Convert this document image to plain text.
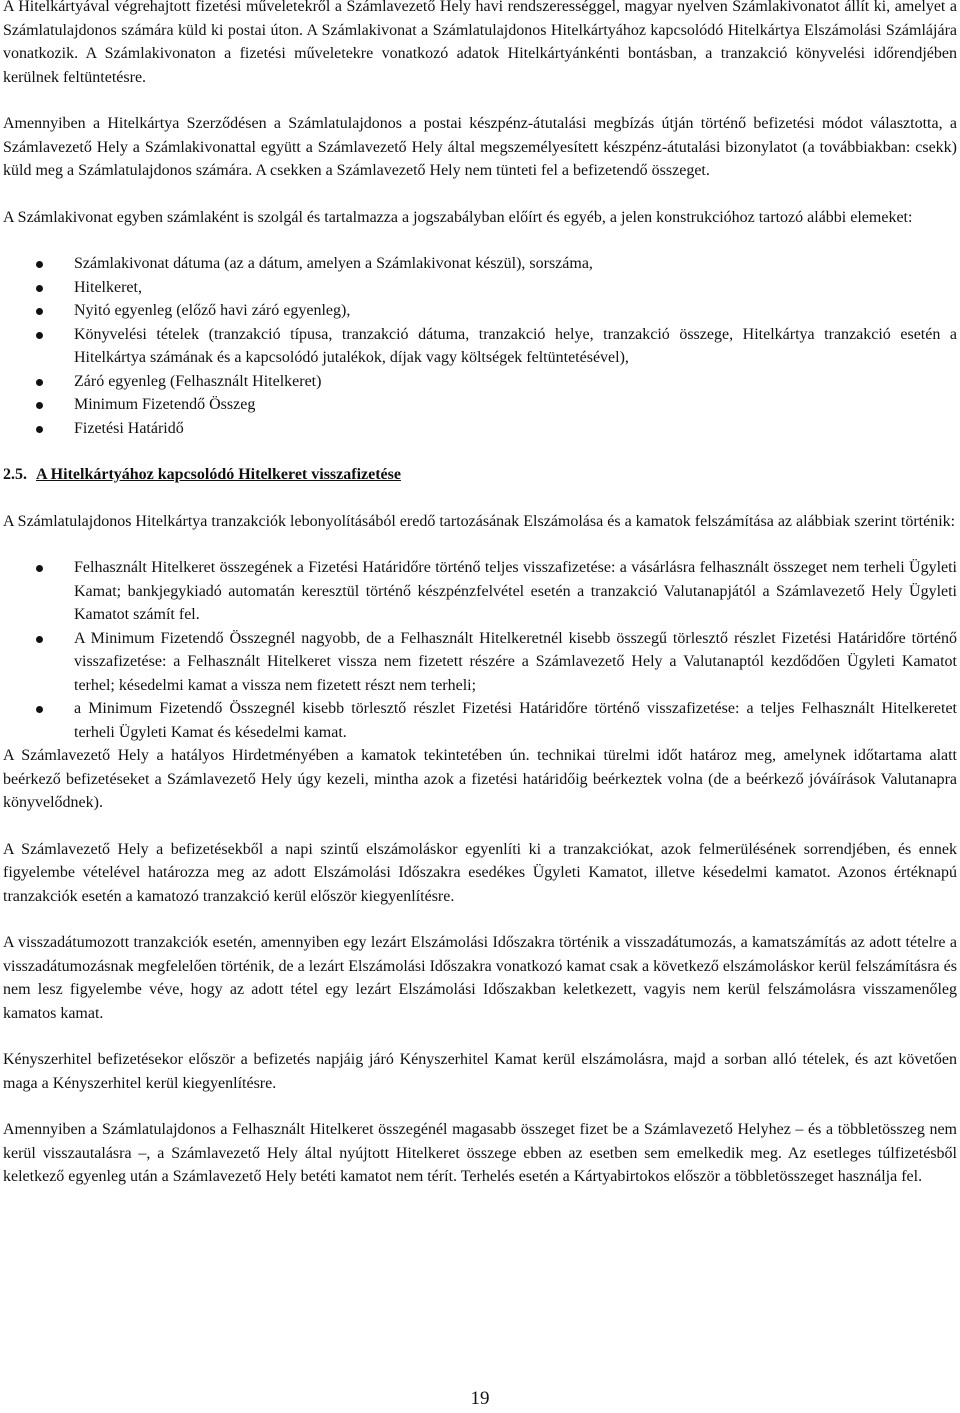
A Hitelkártyával végrehajtott fizetési műveletekről a Számlavezető Hely havi rendszerességgel, magyar nyelven Számlakivonatot állít ki, amelyet a Számlatulajdonos számára küld ki postai úton. A Számlakivonat a Számlatulajdonos Hitelkártyához kapcsolódó Hitelkártya Elszámolási Számlájára vonatkozik. A Számlakivonaton a fizetési műveletekre vonatkozó adatok Hitelkártyánkénti bontásban, a tranzakció könyvelési időrendjében kerülnek feltüntetésre.

Amennyiben a Hitelkártya Szerződésen a Számlatulajdonos a postai készpénz-átutalási megbízás útján történő befizetési módot választotta, a Számlavezető Hely a Számlakivonattal együtt a Számlavezető Hely által megszemélyesített készpénz-átutalási bizonylatot (a továbbiakban: csekk) küld meg a Számlatulajdonos számára. A csekken a Számlavezető Hely nem tünteti fel a befizetendő összeget.

A Számlakivonat egyben számlaként is szolgál és tartalmazza a jogszabályban előírt és egyéb, a jelen konstrukcióhoz tartozó alábbi elemeket:

Számlakivonat dátuma (az a dátum, amelyen a Számlakivonat készül), sorszáma,
Hitelkeret,
Nyitó egyenleg (előző havi záró egyenleg),
Könyvelési tételek (tranzakció típusa, tranzakció dátuma, tranzakció helye, tranzakció összege, Hitelkártya tranzakció esetén a Hitelkártya számának és a kapcsolódó jutalékok, díjak vagy költségek feltüntetésével),
Záró egyenleg (Felhasznált Hitelkeret)
Minimum Fizetendő Összeg
Fizetési Határidő
2.5. A Hitelkártyához kapcsolódó Hitelkeret visszafizetése

A Számlatulajdonos Hitelkártya tranzakciók lebonyolításából eredő tartozásának Elszámolása és a kamatok felszámítása az alábbiak szerint történik:

Felhasznált Hitelkeret összegének a Fizetési Határidőre történő teljes visszafizetése: a vásárlásra felhasznált összeget nem terheli Ügyleti Kamat; bankjegykiadó automatán keresztül történő készpénzfelvétel esetén a tranzakció Valutanapjától a Számlavezető Hely Ügyleti Kamatot számít fel.
A Minimum Fizetendő Összegnél nagyobb, de a Felhasznált Hitelkeretnél kisebb összegű törlesztő részlet Fizetési Határidőre történő visszafizetése: a Felhasznált Hitelkeret vissza nem fizetett részére a Számlavezető Hely a Valutanaptól kezdődően Ügyleti Kamatot terhel; késedelmi kamat a vissza nem fizetett részt nem terheli;
a Minimum Fizetendő Összegnél kisebb törlesztő részlet Fizetési Határidőre történő visszafizetése: a teljes Felhasznált Hitelkeretet terheli Ügyleti Kamat és késedelmi kamat.

A Számlavezető Hely a hatályos Hirdetményében a kamatok tekintetében ún. technikai türelmi időt határoz meg, amelynek időtartama alatt beérkező befizetéseket a Számlavezető Hely úgy kezeli, mintha azok a fizetési határidőig beérkeztek volna (de a beérkező jóváírások Valutanapra könyvelődnek).

A Számlavezető Hely a befizetésekből a napi szintű elszámoláskor egyenlíti ki a tranzakciókat, azok felmerülésének sorrendjében, és ennek figyelembe vételével határozza meg az adott Elszámolási Időszakra esedékes Ügyleti Kamatot, illetve késedelmi kamatot. Azonos értéknapú tranzakciók esetén a kamatozó tranzakció kerül először kiegyenlítésre.

A visszadátumozott tranzakciók esetén, amennyiben egy lezárt Elszámolási Időszakra történik a visszadátumozás, a kamatszámítás az adott tételre a visszadátumozásnak megfelelően történik, de a lezárt Elszámolási Időszakra vonatkozó kamat csak a következő elszámoláskor kerül felszámításra és nem lesz figyelembe véve, hogy az adott tétel egy lezárt Elszámolási Időszakban keletkezett, vagyis nem kerül felszámolásra visszamenőleg kamatos kamat.

Kényszerhitel befizetésekor először a befizetés napjáig járó Kényszerhitel Kamat kerül elszámolásra, majd a sorban alló tételek, és azt követően maga a Kényszerhitel kerül kiegyenlítésre.

Amennyiben a Számlatulajdonos a Felhasznált Hitelkeret összegénél magasabb összeget fizet be a Számlavezető Helyhez – és a többletösszeg nem kerül visszautalásra –, a Számlavezető Hely által nyújtott Hitelkeret összege ebben az esetben sem emelkedik meg. Az esetleges túlfizetésből keletkező egyenleg után a Számlavezető Hely betéti kamatot nem térít. Terhelés esetén a Kártyabirtokos először a többletösszeget használja fel.

19
